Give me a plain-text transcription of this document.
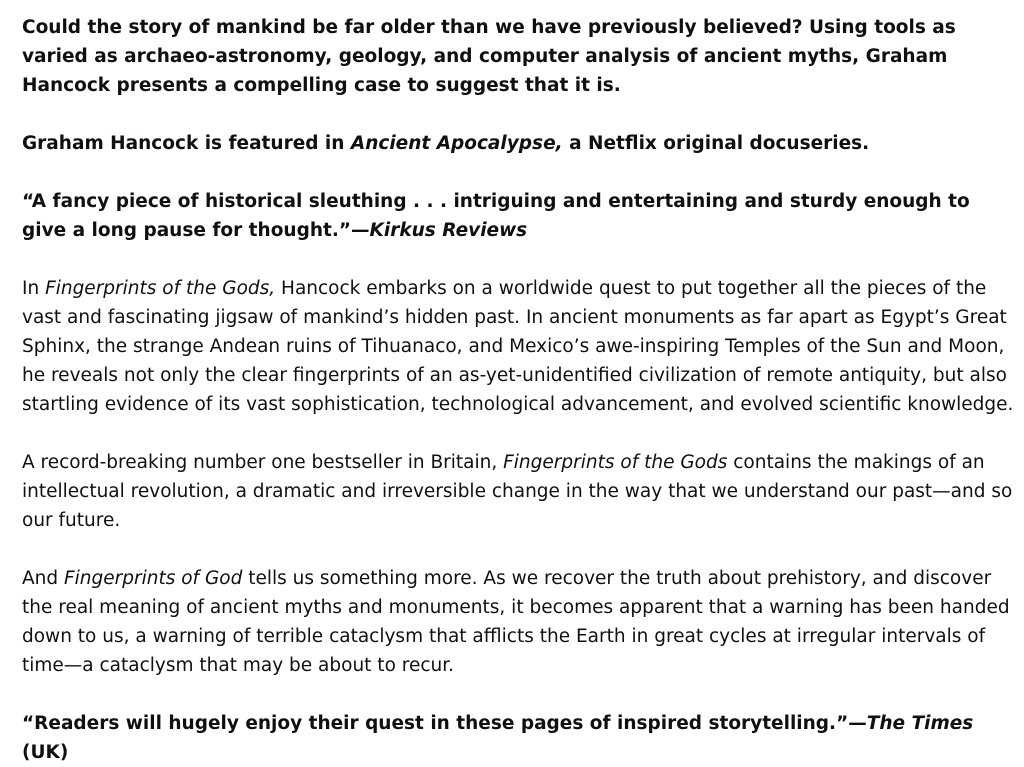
Could the story of mankind be far older than we have previously believed? Using tools as varied as archaeo-astronomy, geology, and computer analysis of ancient myths, Graham Hancock presents a compelling case to suggest that it is.

Graham Hancock is featured in Ancient Apocalypse, a Netflix original docuseries.

“A fancy piece of historical sleuthing . . . intriguing and entertaining and sturdy enough to give a long pause for thought.”—Kirkus Reviews

In Fingerprints of the Gods, Hancock embarks on a worldwide quest to put together all the pieces of the vast and fascinating jigsaw of mankind’s hidden past. In ancient monuments as far apart as Egypt’s Great Sphinx, the strange Andean ruins of Tihuanaco, and Mexico’s awe-inspiring Temples of the Sun and Moon, he reveals not only the clear fingerprints of an as-yet-unidentified civilization of remote antiquity, but also startling evidence of its vast sophistication, technological advancement, and evolved scientific knowledge.

A record-breaking number one bestseller in Britain, Fingerprints of the Gods contains the makings of an intellectual revolution, a dramatic and irreversible change in the way that we understand our past—and so our future.

And Fingerprints of God tells us something more. As we recover the truth about prehistory, and discover the real meaning of ancient myths and monuments, it becomes apparent that a warning has been handed down to us, a warning of terrible cataclysm that afflicts the Earth in great cycles at irregular intervals of time—a cataclysm that may be about to recur.

“Readers will hugely enjoy their quest in these pages of inspired storytelling.”—The Times (UK)
